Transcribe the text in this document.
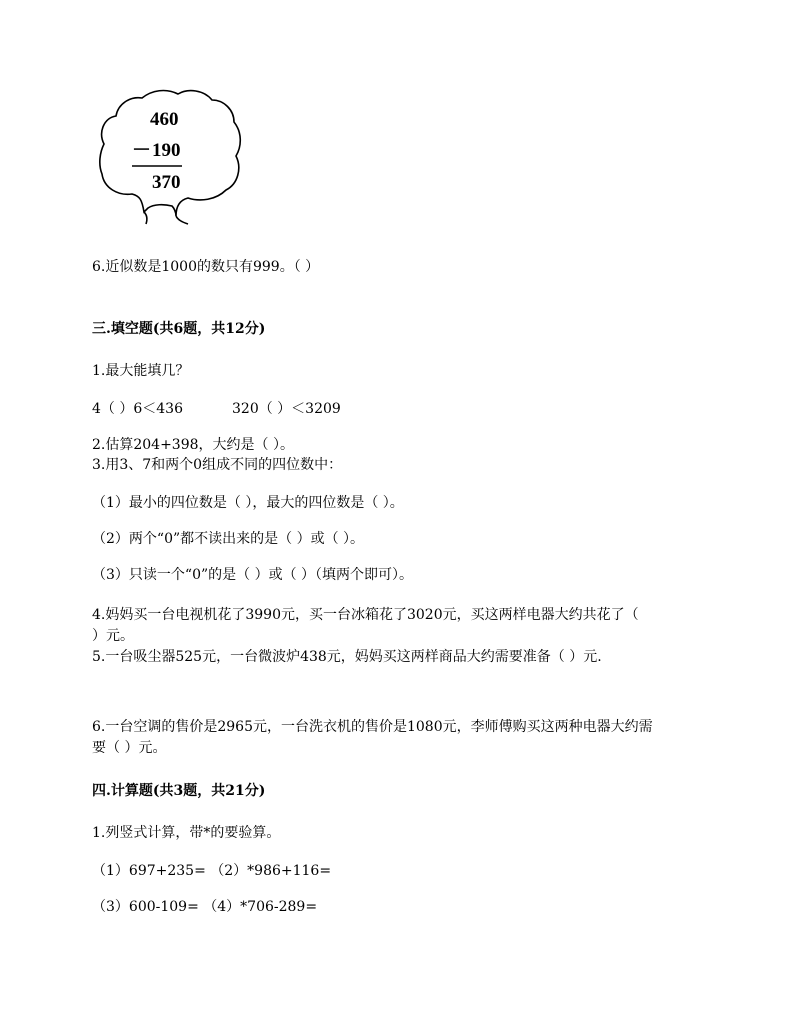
460
－ 190
370
6.近似数是1000的数只有999。（ ）
三.填空题(共6题，共12分)
1.最大能填几？
4（ ）6＜436	320（ ）＜3209
2.估算204+398，大约是（ ）。
3.用3、7和两个0组成不同的四位数中：
（1）最小的四位数是（ ），最大的四位数是（ ）。
（2）两个“0”都不读出来的是（ ）或（ ）。
（3）只读一个“0”的是（ ）或（ ）（填两个即可）。
4.妈妈买一台电视机花了3990元，买一台冰箱花了3020元，买这两样电器大约共花了（
）元。
5.一台吸尘器525元，一台微波炉438元，妈妈买这两样商品大约需要准备（ ）元.
6.一台空调的售价是2965元，一台洗衣机的售价是1080元，李师傅购买这两种电器大约需
要（ ）元。
四.计算题(共3题，共21分)
1.列竖式计算，带*的要验算。
（1）697+235= （2）*986+116=
（3）600-109= （4）*706-289=
